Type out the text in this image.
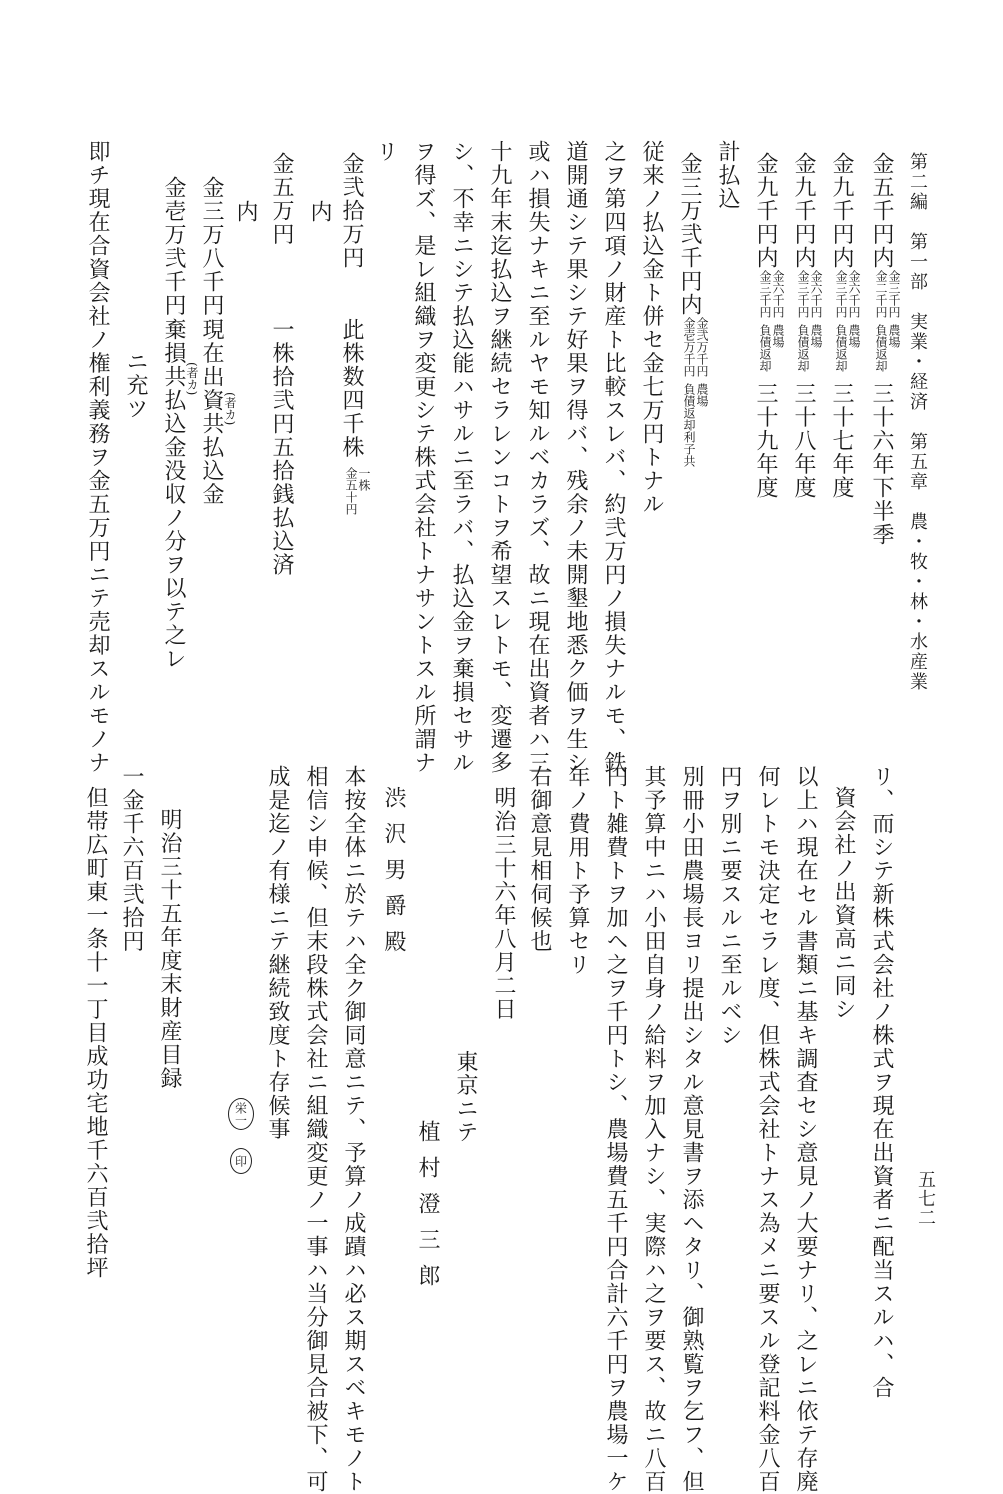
第二編　第一部　実業・経済　第五章　農・牧・林・水産業
金五千円内
金三千円
金二千円
農場
負債返却
三十六年下半季
金九千円内
金六千円
金三千円
農場
負債返却
三十七年度
金九千円内
金六千円
金三千円
農場
負債返却
三十八年度
金九千円内
金六千円
金三千円
農場
負債返却
三十九年度
計払込
金三万弐千円内
金弐万千円
金壱万千円
農場
負債返却利子共
従来ノ払込金ト併セ金七万円トナル
之ヲ第四項ノ財産ト比較スレバ、約弐万円ノ損失ナルモ、鉄
道開通シテ果シテ好果ヲ得バ、残余ノ未開墾地悉ク価ヲ生シ
或ハ損失ナキニ至ルヤモ知ルベカラズ、故ニ現在出資者ハ三
十九年末迄払込ヲ継続セラレンコトヲ希望スレトモ、変遷多
シ、不幸ニシテ払込能ハサルニ至ラバ、払込金ヲ棄損セサル
ヲ得ズ、是レ組織ヲ変更シテ株式会社トナサントスル所謂ナ
リ
金弐拾万円
此株数四千株
一株
金五十円
内
金五万円
一株拾弐円五拾銭払込済
内
金三万八千円
現在出資共払込金
(者カ)
金壱万弐千円
棄損共払込金没収ノ分ヲ以テ之レ (者カ)
ニ充ツ
即チ現在合資会社ノ権利義務ヲ金五万円ニテ売却スルモノナ
五七二
リ、而シテ新株式会社ノ株式ヲ現在出資者ニ配当スルハ、合
資会社ノ出資高ニ同シ
以上ハ現在セル書類ニ基キ調査セシ意見ノ大要ナリ、之レニ依テ存廃
何レトモ決定セラレ度、但株式会社トナス為メニ要スル登記料金八百
円ヲ別ニ要スルニ至ルベシ
別冊小田農場長ヨリ提出シタル意見書ヲ添ヘタリ、御熟覧ヲ乞フ、但
其予算中ニハ小田自身ノ給料ヲ加入ナシ、実際ハ之ヲ要ス、故ニ八百
円ト雑費トヲ加ヘ之ヲ千円トシ、農場費五千円合計六千円ヲ農場一ケ
年ノ費用ト予算セリ
右御意見相伺候也
明治三十六年八月二日
東京ニテ
植村澄三郎
渋沢男爵殿
本按全体ニ於テハ全ク御同意ニテ、予算ノ成蹟ハ必ス期スベキモノト
相信シ申候、但末段株式会社ニ組織変更ノ一事ハ当分御見合被下、可
成是迄ノ有様ニテ継続致度ト存候事
栄一
印
明治三十五年度末財産目録
一金千六百弐拾円
但帯広町東一条十一丁目成功宅地千六百弐拾坪
